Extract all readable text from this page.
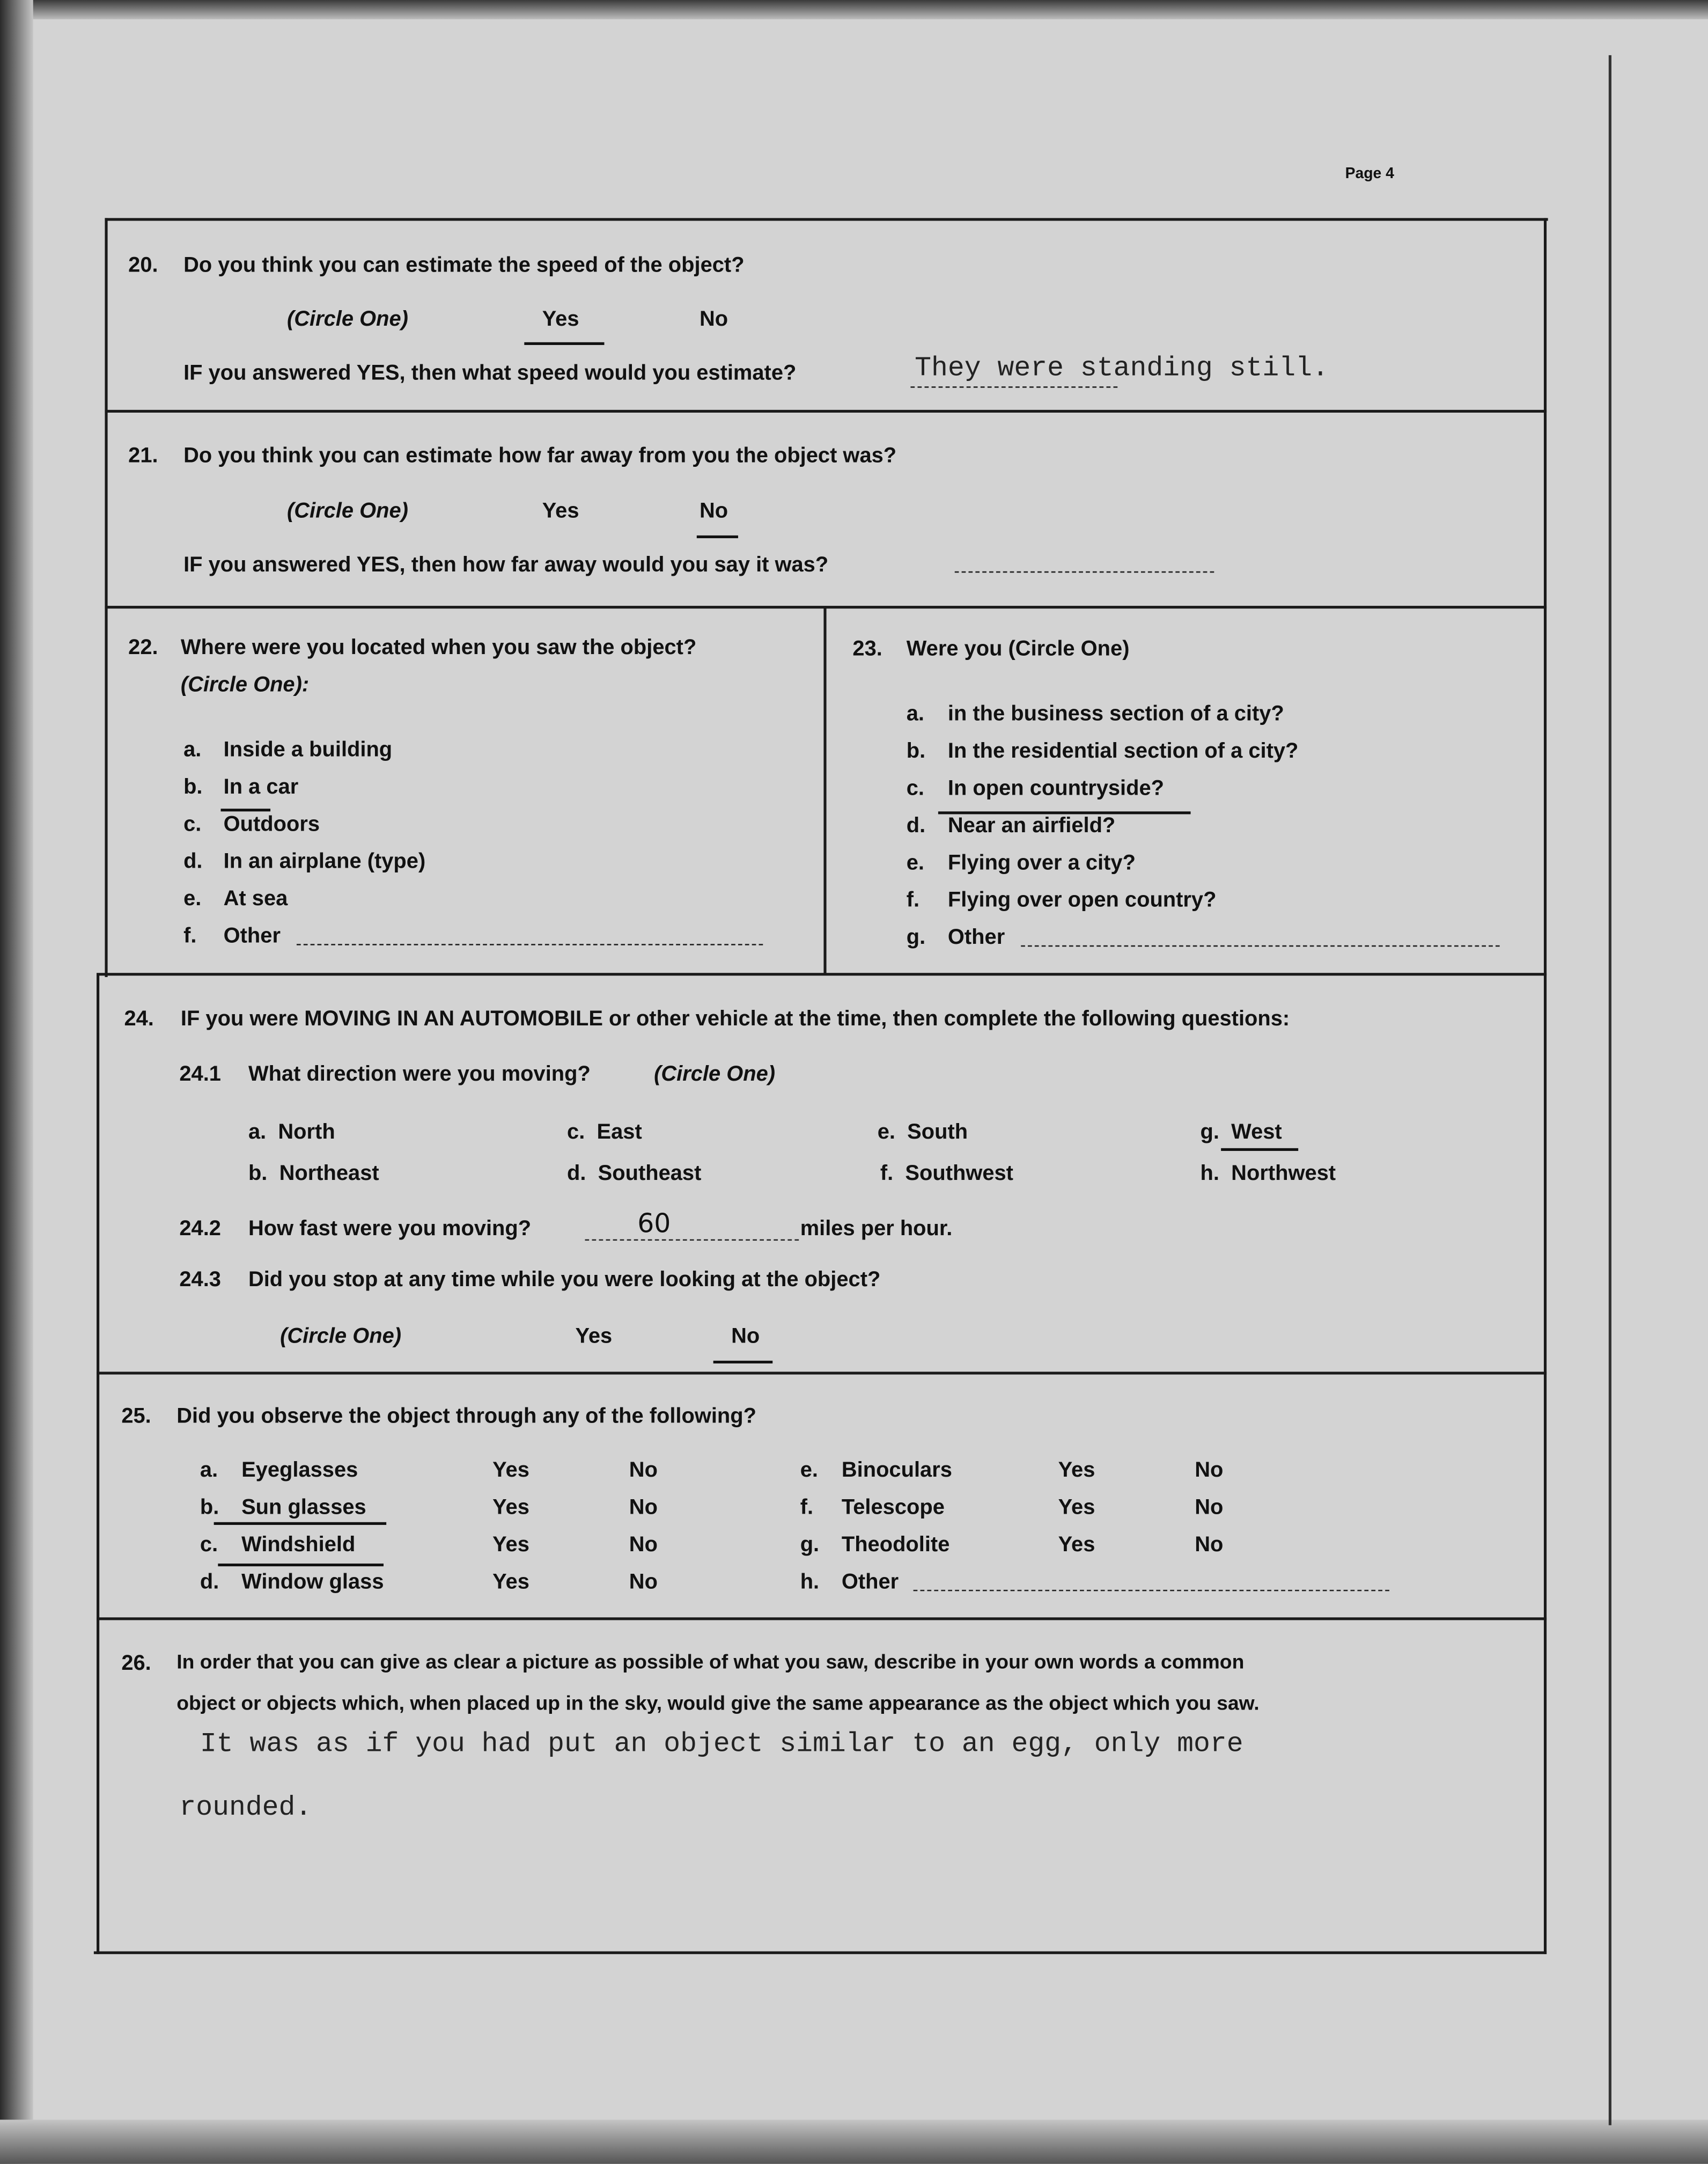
Page 4
20.	Do you think you can estimate the speed of the object?
(Circle One)	Yes	No
IF you answered YES, then what speed would you estimate?	They were standing still.
21.	Do you think you can estimate how far away from you the object was?
(Circle One)	Yes	No
IF you answered YES, then how far away would you say it was?
22.	Where were you located when you saw the object?
(Circle One):
a.	Inside a building
b.	In a car
c.	Outdoors
d.	In an airplane (type)
e.	At sea
f.	Other
23.	Were you (Circle One)
a.	in the business section of a city?
b.	In the residential section of a city?
c.	In open countryside?
d.	Near an airfield?
e.	Flying over a city?
f.	Flying over open country?
g.	Other
24.	IF you were MOVING IN AN AUTOMOBILE or other vehicle at the time, then complete the following questions:
24.1	What direction were you moving?	(Circle One)
a. North
b. Northeast
c. East
d. Southeast
e. South
f. Southwest
g. West
h. Northwest
24.2	How fast were you moving?	60	miles per hour.
24.3	Did you stop at any time while you were looking at the object?
(Circle One)	Yes	No
25.	Did you observe the object through any of the following?
a.	Eyeglasses	Yes	No
b.	Sun glasses	Yes	No
c.	Windshield	Yes	No
d.	Window glass	Yes	No
e.	Binoculars	Yes	No
f.	Telescope	Yes	No
g.	Theodolite	Yes	No
h.	Other
26.	In order that you can give as clear a picture as possible of what you saw, describe in your own words a common
object or objects which, when placed up in the sky, would give the same appearance as the object which you saw.
It was as if you had put an object similar to an egg, only more
rounded.
